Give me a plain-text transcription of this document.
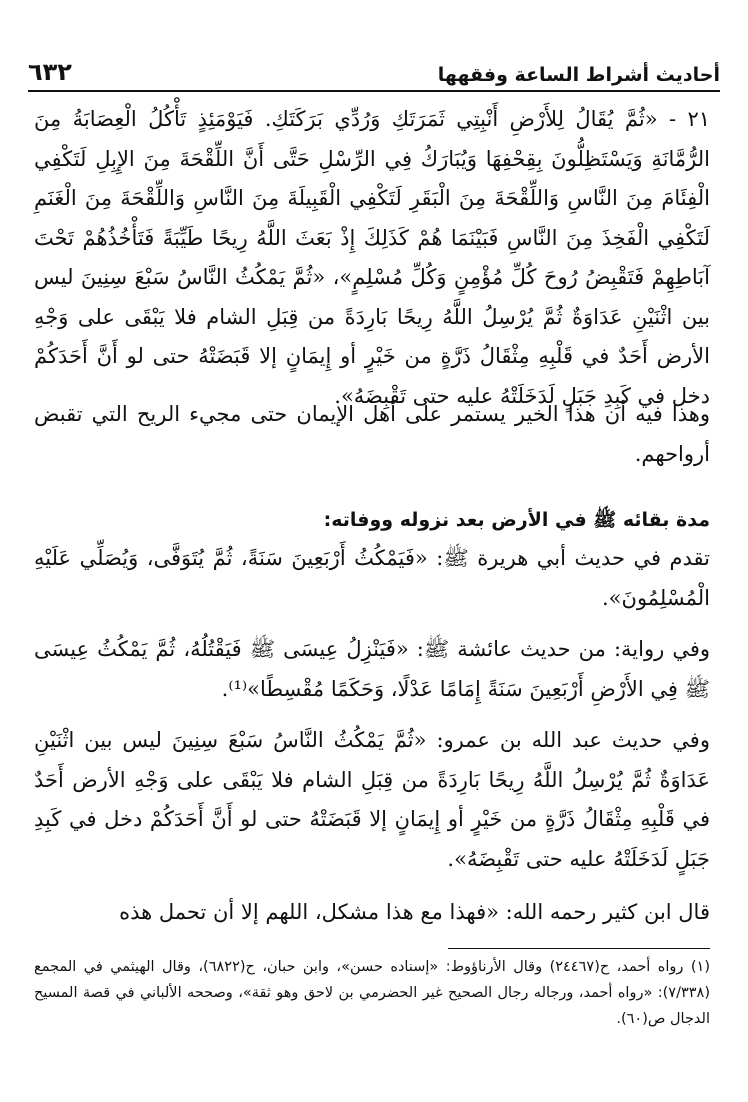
أحاديث أشراط الساعة وفقهها
٦٣٢

٢١ - «ثُمَّ يُقَالُ لِلأَرْضِ أَنْبِتِي ثَمَرَتَكِ وَرُدِّي بَرَكَتَكِ. فَيَوْمَئِذٍ تَأْكُلُ الْعِصَابَةُ مِنَ الرُّمَّانَةِ وَيَسْتَظِلُّونَ بِقِحْفِهَا وَيُبَارَكُ فِي الرِّسْلِ حَتَّى أَنَّ اللِّقْحَةَ مِنَ الإِبِلِ لَتَكْفِي الْفِئَامَ مِنَ النَّاسِ وَاللِّقْحَةَ مِنَ الْبَقَرِ لَتَكْفِي الْقَبِيلَةَ مِنَ النَّاسِ وَاللِّقْحَةَ مِنَ الْغَنَمِ لَتَكْفِي الْفَخِذَ مِنَ النَّاسِ فَبَيْنَمَا هُمْ كَذَلِكَ إِذْ بَعَثَ اللَّهُ رِيحًا طَيِّبَةً فَتَأْخُذُهُمْ تَحْتَ آبَاطِهِمْ فَتَقْبِضُ رُوحَ كُلِّ مُؤْمِنٍ وَكُلِّ مُسْلِمٍ»، «ثُمَّ يَمْكُثُ النَّاسُ سَبْعَ سِنِينَ ليس بين اثْنَيْنِ عَدَاوَةٌ ثُمَّ يُرْسِلُ اللَّهُ رِيحًا بَارِدَةً من قِبَلِ الشام فلا يَبْقَى على وَجْهِ الأرض أَحَدٌ في قَلْبِهِ مِثْقَالُ ذَرَّةٍ من خَيْرٍ أو إِيمَانٍ إلا قَبَضَتْهُ حتى لو أَنَّ أَحَدَكُمْ دخل في كَبِدِ جَبَلٍ لَدَخَلَتْهُ عليه حتى تَقْبِضَهُ».

وهذا فيه أن هذا الخير يستمر على أهل الإيمان حتى مجيء الريح التي تقبض أرواحهم.

مدة بقائه ﷺ في الأرض بعد نزوله ووفاته:

تقدم في حديث أبي هريرة ﷺ: «فَيَمْكُثُ أَرْبَعِينَ سَنَةً، ثُمَّ يُتَوَفَّى، وَيُصَلِّي عَلَيْهِ الْمُسْلِمُونَ».

وفي رواية: من حديث عائشة ﷺ: «فَيَنْزِلُ عِيسَى ﷺ فَيَقْتُلُهُ، ثُمَّ يَمْكُثُ عِيسَى ﷺ فِي الأَرْضِ أَرْبَعِينَ سَنَةً إِمَامًا عَدْلًا، وَحَكَمًا مُقْسِطًا»⁽¹⁾.

وفي حديث عبد الله بن عمرو: «ثُمَّ يَمْكُثُ النَّاسُ سَبْعَ سِنِينَ ليس بين اثْنَيْنِ عَدَاوَةٌ ثُمَّ يُرْسِلُ اللَّهُ رِيحًا بَارِدَةً من قِبَلِ الشام فلا يَبْقَى على وَجْهِ الأرض أَحَدٌ في قَلْبِهِ مِثْقَالُ ذَرَّةٍ من خَيْرٍ أو إِيمَانٍ إلا قَبَضَتْهُ حتى لو أَنَّ أَحَدَكُمْ دخل في كَبِدِ جَبَلٍ لَدَخَلَتْهُ عليه حتى تَقْبِضَهُ».

قال ابن كثير رحمه الله: «فهذا مع هذا مشكل، اللهم إلا أن تحمل هذه

(١) رواه أحمد، ح(٢٤٤٦٧) وقال الأرناؤوط: «إسناده حسن»، وابن حبان، ح(٦٨٢٢)، وقال الهيثمي في المجمع (٧/٣٣٨): «رواه أحمد، ورجاله رجال الصحيح غير الحضرمي بن لاحق وهو ثقة»، وصححه الألباني في قصة المسيح الدجال ص(٦٠).
